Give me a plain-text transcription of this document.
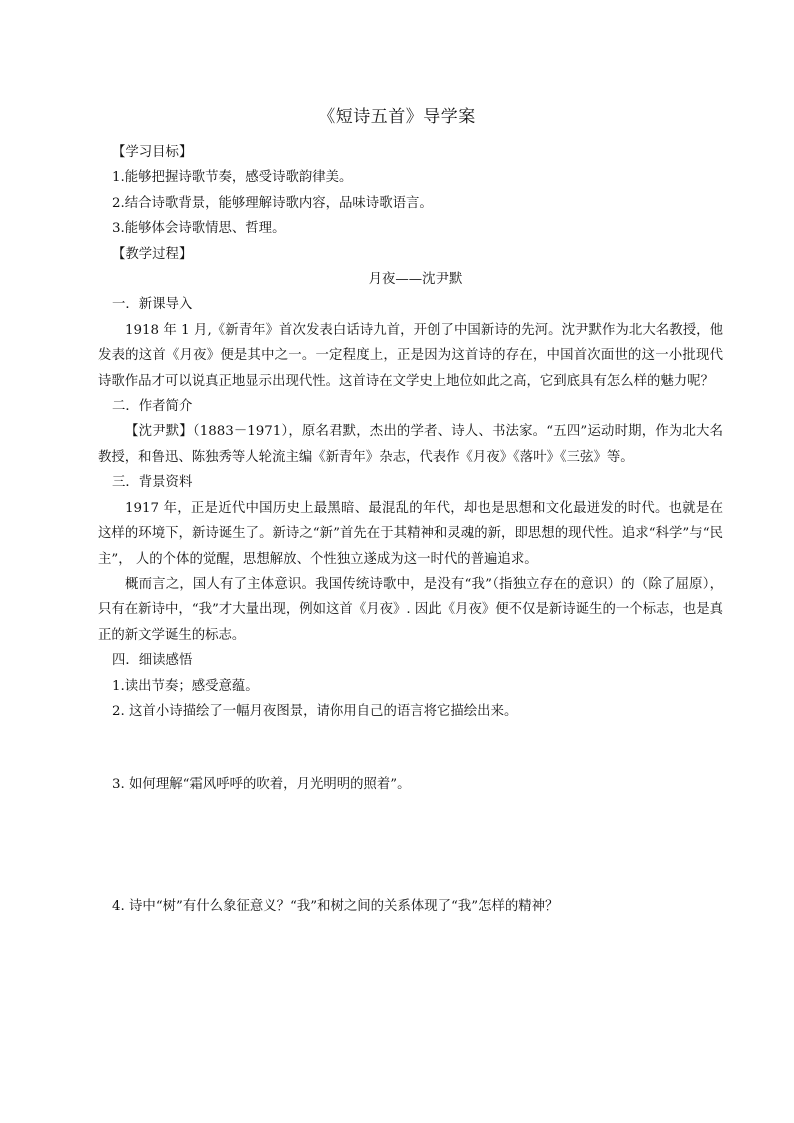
《短诗五首》导学案

【学习目标】

1.能够把握诗歌节奏，感受诗歌韵律美。

2.结合诗歌背景，能够理解诗歌内容，品味诗歌语言。

3.能够体会诗歌情思、哲理。

【教学过程】

月夜——沈尹默

一．新课导入

1918 年 1 月,《新青年》首次发表白话诗九首，开创了中国新诗的先河。沈尹默作为北大名教授，他发表的这首《月夜》便是其中之一。一定程度上，正是因为这首诗的存在，中国首次面世的这一小批现代诗歌作品才可以说真正地显示出现代性。这首诗在文学史上地位如此之高，它到底具有怎么样的魅力呢？

二．作者简介

【沈尹默】（1883－1971），原名君默，杰出的学者、诗人、书法家。“五四”运动时期，作为北大名教授，和鲁迅、陈独秀等人轮流主编《新青年》杂志，代表作《月夜》《落叶》《三弦》等。

三．背景资料

1917 年，正是近代中国历史上最黑暗、最混乱的年代，却也是思想和文化最迸发的时代。也就是在这样的环境下，新诗诞生了。新诗之“新”首先在于其精神和灵魂的新，即思想的现代性。追求“科学”与“民主”， 人的个体的觉醒，思想解放、个性独立遂成为这一时代的普遍追求。

概而言之，国人有了主体意识。我国传统诗歌中，是没有“我”（指独立存在的意识）的（除了屈原），只有在新诗中，“我”才大量出现，例如这首《月夜》. 因此《月夜》便不仅是新诗诞生的一个标志，也是真正的新文学诞生的标志。

四．细读感悟

1.读出节奏；感受意蕴。

2. 这首小诗描绘了一幅月夜图景，请你用自己的语言将它描绘出来。

3. 如何理解“霜风呼呼的吹着，月光明明的照着”。

4. 诗中“树”有什么象征意义？“我”和树之间的关系体现了“我”怎样的精神？
